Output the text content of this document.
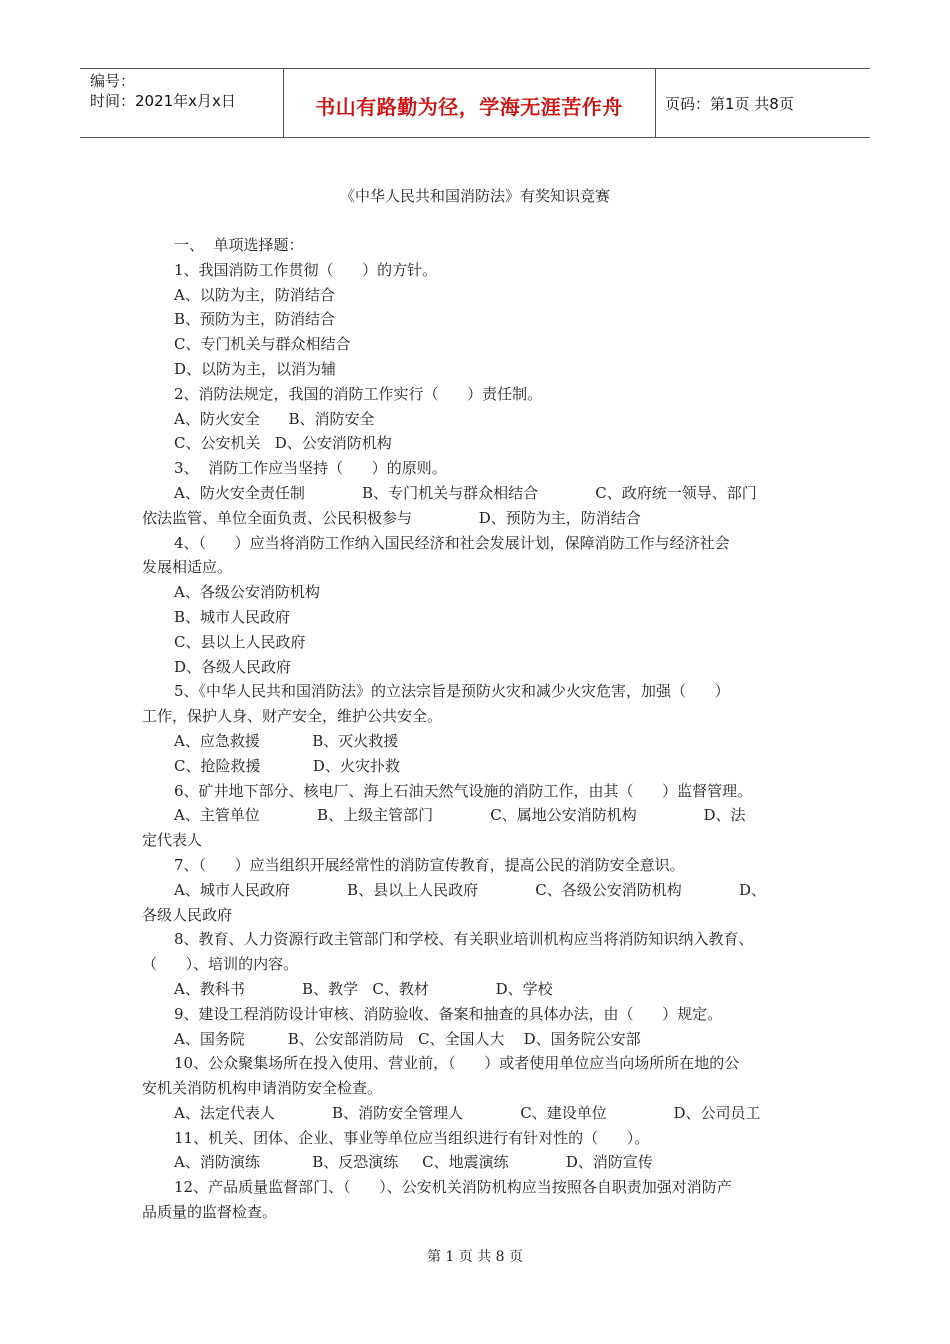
编号：
时间：2021年x月x日	书山有路勤为径，学海无涯苦作舟	页码：第1页 共8页
《中华人民共和国消防法》有奖知识竞赛
一、  单项选择题：
1、我国消防工作贯彻（      ）的方针。
A、以防为主，防消结合
B、预防为主，防消结合
C、专门机关与群众相结合
D、以防为主，以消为辅
2、消防法规定，我国的消防工作实行（      ）责任制。
A、防火安全      B、消防安全
C、公安机关   D、公安消防机构
3、  消防工作应当坚持（      ）的原则。
A、防火安全责任制            B、专门机关与群众相结合            C、政府统一领导、部门
依法监管、单位全面负责、公民积极参与              D、预防为主，防消结合
4、（      ）应当将消防工作纳入国民经济和社会发展计划，保障消防工作与经济社会
发展相适应。
A、各级公安消防机构
B、城市人民政府
C、县以上人民政府
D、各级人民政府
5、《中华人民共和国消防法》的立法宗旨是预防火灾和减少火灾危害，加强（      ）
工作，保护人身、财产安全，维护公共安全。
A、应急救援           B、灭火救援
C、抢险救援           D、火灾扑救
6、矿井地下部分、核电厂、海上石油天然气设施的消防工作，由其（      ）监督管理。
A、主管单位            B、上级主管部门            C、属地公安消防机构              D、法
定代表人
7、（      ）应当组织开展经常性的消防宣传教育，提高公民的消防安全意识。
A、城市人民政府            B、县以上人民政府            C、各级公安消防机构            D、
各级人民政府
8、教育、人力资源行政主管部门和学校、有关职业培训机构应当将消防知识纳入教育、
（      ）、培训的内容。
A、教科书            B、教学   C、教材              D、学校
9、建设工程消防设计审核、消防验收、备案和抽查的具体办法，由（      ）规定。
A、国务院         B、公安部消防局   C、全国人大    D、国务院公安部
10、公众聚集场所在投入使用、营业前，（      ）或者使用单位应当向场所所在地的公
安机关消防机构申请消防安全检查。
A、法定代表人            B、消防安全管理人            C、建设单位              D、公司员工
11、机关、团体、企业、事业等单位应当组织进行有针对性的（      ）。
A、消防演练           B、反恐演练     C、地震演练            D、消防宣传
12、产品质量监督部门、（      ）、公安机关消防机构应当按照各自职责加强对消防产
品质量的监督检查。
第 1 页 共 8 页
